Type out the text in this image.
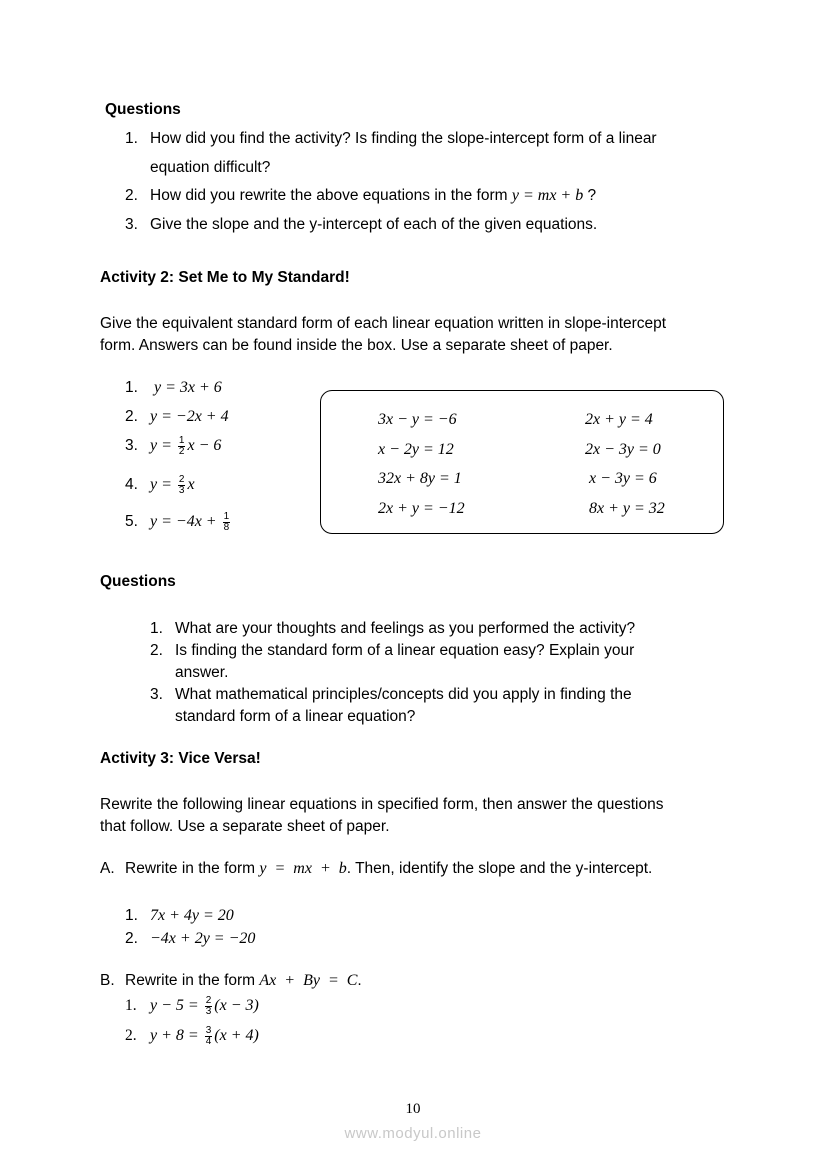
Questions
1. How did you find the activity? Is finding the slope-intercept form of a linear
equation difficult?
2. How did you rewrite the above equations in the form y = mx + b ?
3. Give the slope and the y-intercept of each of the given equations.
Activity 2: Set Me to My Standard!
Give the equivalent standard form of each linear equation written in slope-intercept
form. Answers can be found inside the box. Use a separate sheet of paper.
1. y = 3x + 6
2. y = −2x + 4
3. $y = \frac{1}{2}$ x − 6
4. $y = \frac{2}{3}$ x
5. $y = -4x + \frac{1}{8}$
3x − y = −6
x − 2y = 12
32x + 8y = 1
2x + y = −12
2x + y = 4
2x − 3y = 0
x − 3y = 6
8x + y = 32
Questions
1. What are your thoughts and feelings as you performed the activity?
2. Is finding the standard form of a linear equation easy? Explain your
answer.
3. What mathematical principles/concepts did you apply in finding the
standard form of a linear equation?
Activity 3: Vice Versa!
Rewrite the following linear equations in specified form, then answer the questions
that follow. Use a separate sheet of paper.
A. Rewrite in the form y = mx + b. Then, identify the slope and the y-intercept.
1. 7x + 4y = 20
2. −4x + 2y = −20
B. Rewrite in the form Ax + By = C.
1. $y - 5 = \frac{2}{3} (x - 3)$
2. $y + 8 = \frac{3}{4} (x + 4)$
10
www.modyul.online
